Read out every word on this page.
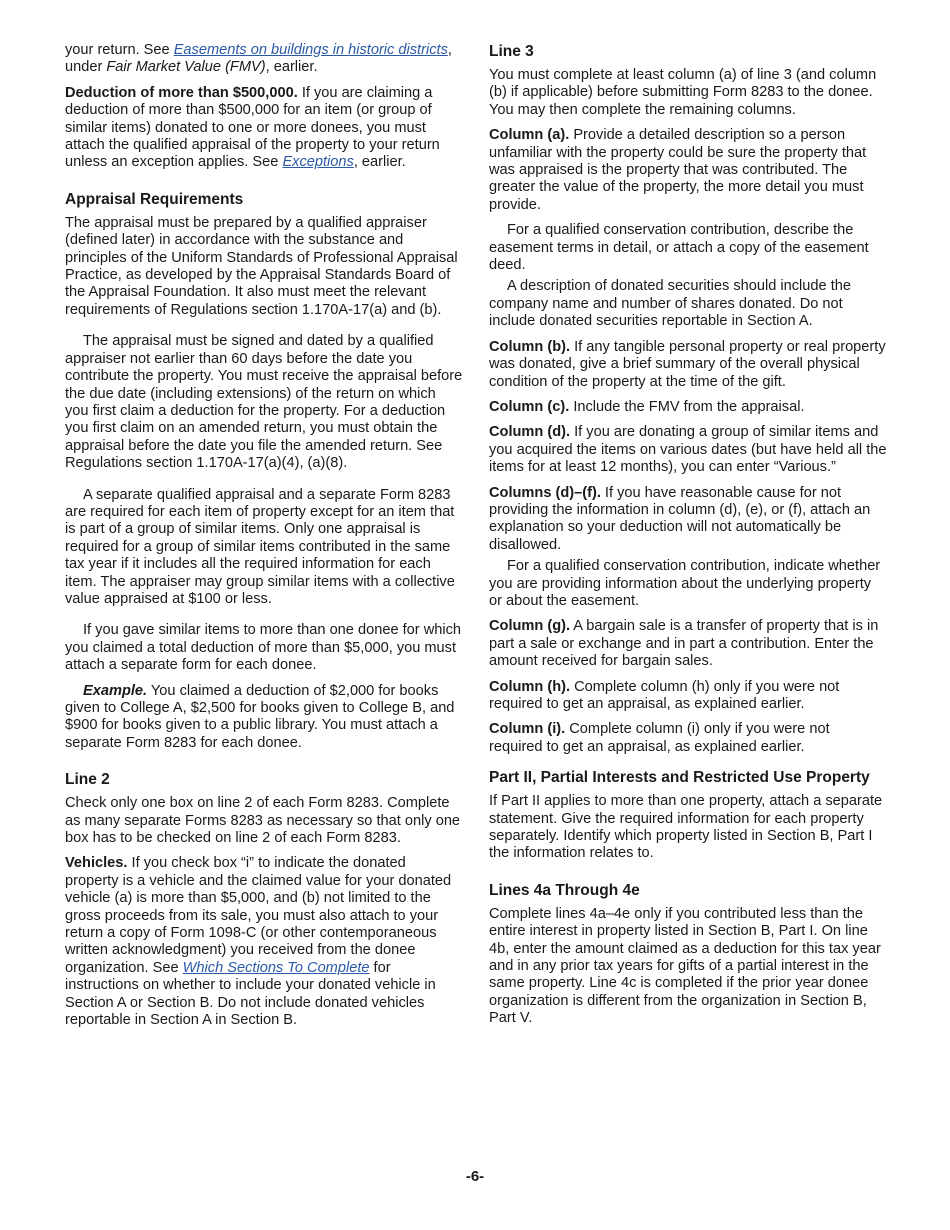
your return. See Easements on buildings in historic districts, under Fair Market Value (FMV), earlier.

Deduction of more than $500,000. If you are claiming a deduction of more than $500,000 for an item (or group of similar items) donated to one or more donees, you must attach the qualified appraisal of the property to your return unless an exception applies. See Exceptions, earlier.

Appraisal Requirements

The appraisal must be prepared by a qualified appraiser (defined later) in accordance with the substance and principles of the Uniform Standards of Professional Appraisal Practice, as developed by the Appraisal Standards Board of the Appraisal Foundation. It also must meet the relevant requirements of Regulations section 1.170A-17(a) and (b).

The appraisal must be signed and dated by a qualified appraiser not earlier than 60 days before the date you contribute the property. You must receive the appraisal before the due date (including extensions) of the return on which you first claim a deduction for the property. For a deduction you first claim on an amended return, you must obtain the appraisal before the date you file the amended return. See Regulations section 1.170A-17(a)(4), (a)(8).

A separate qualified appraisal and a separate Form 8283 are required for each item of property except for an item that is part of a group of similar items. Only one appraisal is required for a group of similar items contributed in the same tax year if it includes all the required information for each item. The appraiser may group similar items with a collective value appraised at $100 or less.

If you gave similar items to more than one donee for which you claimed a total deduction of more than $5,000, you must attach a separate form for each donee.

Example. You claimed a deduction of $2,000 for books given to College A, $2,500 for books given to College B, and $900 for books given to a public library. You must attach a separate Form 8283 for each donee.

Line 2

Check only one box on line 2 of each Form 8283. Complete as many separate Forms 8283 as necessary so that only one box has to be checked on line 2 of each Form 8283.

Vehicles. If you check box “i” to indicate the donated property is a vehicle and the claimed value for your donated vehicle (a) is more than $5,000, and (b) not limited to the gross proceeds from its sale, you must also attach to your return a copy of Form 1098-C (or other contemporaneous written acknowledgment) you received from the donee organization. See Which Sections To Complete for instructions on whether to include your donated vehicle in Section A or Section B. Do not include donated vehicles reportable in Section A in Section B.

Line 3

You must complete at least column (a) of line 3 (and column (b) if applicable) before submitting Form 8283 to the donee. You may then complete the remaining columns.

Column (a). Provide a detailed description so a person unfamiliar with the property could be sure the property that was appraised is the property that was contributed. The greater the value of the property, the more detail you must provide.

For a qualified conservation contribution, describe the easement terms in detail, or attach a copy of the easement deed.

A description of donated securities should include the company name and number of shares donated. Do not include donated securities reportable in Section A.

Column (b). If any tangible personal property or real property was donated, give a brief summary of the overall physical condition of the property at the time of the gift.

Column (c). Include the FMV from the appraisal.

Column (d). If you are donating a group of similar items and you acquired the items on various dates (but have held all the items for at least 12 months), you can enter “Various.”

Columns (d)–(f). If you have reasonable cause for not providing the information in column (d), (e), or (f), attach an explanation so your deduction will not automatically be disallowed.

For a qualified conservation contribution, indicate whether you are providing information about the underlying property or about the easement.

Column (g). A bargain sale is a transfer of property that is in part a sale or exchange and in part a contribution. Enter the amount received for bargain sales.

Column (h). Complete column (h) only if you were not required to get an appraisal, as explained earlier.

Column (i). Complete column (i) only if you were not required to get an appraisal, as explained earlier.

Part II, Partial Interests and Restricted Use Property

If Part II applies to more than one property, attach a separate statement. Give the required information for each property separately. Identify which property listed in Section B, Part I the information relates to.

Lines 4a Through 4e

Complete lines 4a–4e only if you contributed less than the entire interest in property listed in Section B, Part I. On line 4b, enter the amount claimed as a deduction for this tax year and in any prior tax years for gifts of a partial interest in the same property. Line 4c is completed if the prior year donee organization is different from the organization in Section B, Part V.

-6-
